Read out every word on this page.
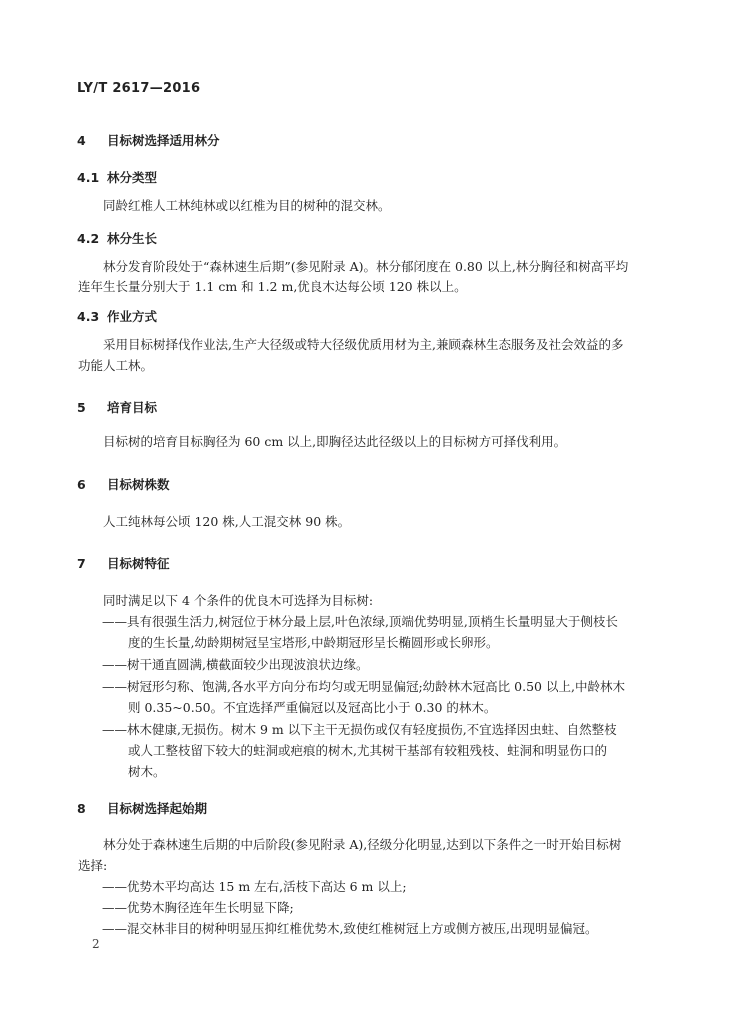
LY/T 2617—2016
4 目标树选择适用林分
4.1 林分类型
同龄红椎人工林纯林或以红椎为目的树种的混交林。
4.2 林分生长
林分发育阶段处于“森林速生后期”(参见附录 A)。林分郁闭度在 0.80 以上,林分胸径和树高平均
连年生长量分别大于 1.1 cm 和 1.2 m,优良木达每公顷 120 株以上。
4.3 作业方式
采用目标树择伐作业法,生产大径级或特大径级优质用材为主,兼顾森林生态服务及社会效益的多
功能人工林。
5 培育目标
目标树的培育目标胸径为 60 cm 以上,即胸径达此径级以上的目标树方可择伐利用。
6 目标树株数
人工纯林每公顷 120 株,人工混交林 90 株。
7 目标树特征
同时满足以下 4 个条件的优良木可选择为目标树:
——具有很强生活力,树冠位于林分最上层,叶色浓绿,顶端优势明显,顶梢生长量明显大于侧枝长
度的生长量,幼龄期树冠呈宝塔形,中龄期冠形呈长椭圆形或长卵形。
——树干通直圆满,横截面较少出现波浪状边缘。
——树冠形匀称、饱满,各水平方向分布均匀或无明显偏冠;幼龄林木冠高比 0.50 以上,中龄林木
则 0.35~0.50。不宜选择严重偏冠以及冠高比小于 0.30 的林木。
——林木健康,无损伤。树木 9 m 以下主干无损伤或仅有轻度损伤,不宜选择因虫蛀、自然整枝
或人工整枝留下较大的蛀洞或疤痕的树木,尤其树干基部有较粗残枝、蛀洞和明显伤口的
树木。
8 目标树选择起始期
林分处于森林速生后期的中后阶段(参见附录 A),径级分化明显,达到以下条件之一时开始目标树
选择:
——优势木平均高达 15 m 左右,活枝下高达 6 m 以上;
——优势木胸径连年生长明显下降;
——混交林非目的树种明显压抑红椎优势木,致使红椎树冠上方或侧方被压,出现明显偏冠。
2
